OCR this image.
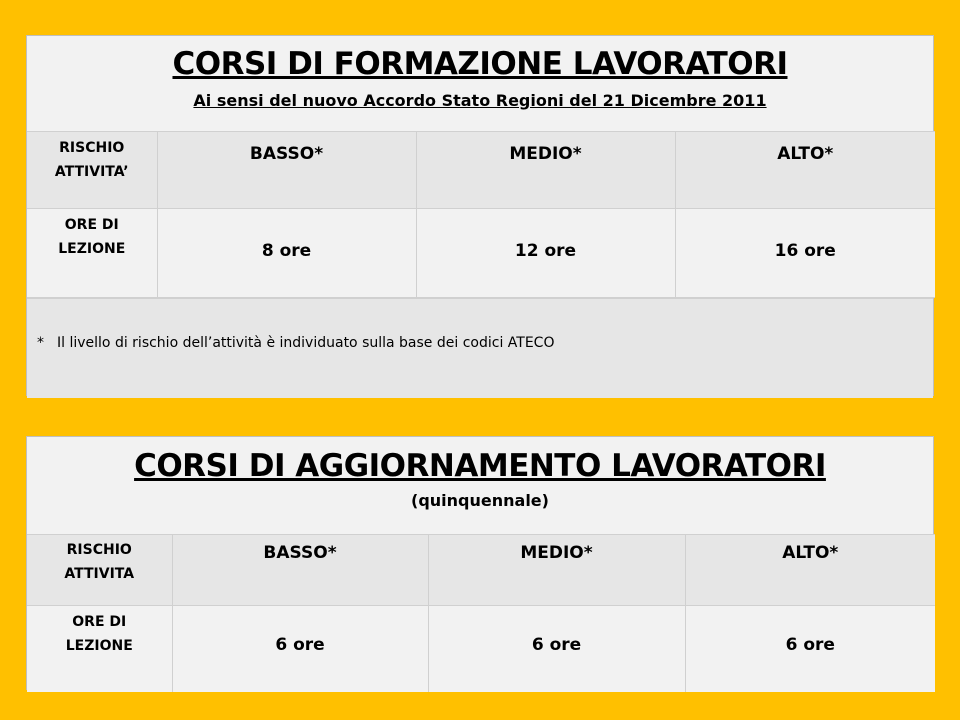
CORSI DI FORMAZIONE LAVORATORI
Ai sensi del nuovo Accordo Stato Regioni del 21 Dicembre 2011
RISCHIO
ATTIVITA’	BASSO*	MEDIO*	ALTO*

ORE DI
LEZIONE	8 ore	12 ore	16 ore
* Il livello di rischio dell’attività è individuato sulla base dei codici ATECO
CORSI DI AGGIORNAMENTO LAVORATORI
(quinquennale)
RISCHIO
ATTIVITA	BASSO*	MEDIO*	ALTO*

ORE DI
LEZIONE	6 ore	6 ore	6 ore
